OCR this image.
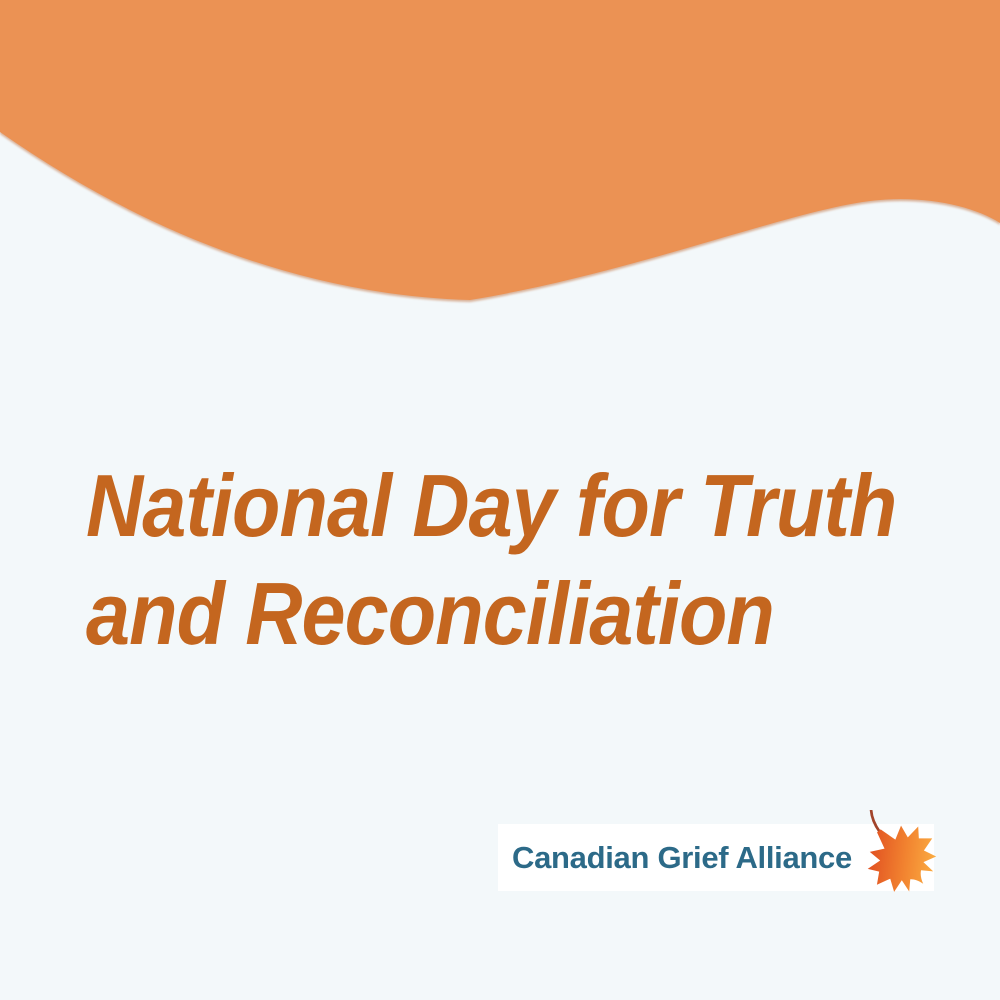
National Day for Truth
and Reconciliation
Canadian Grief Alliance
